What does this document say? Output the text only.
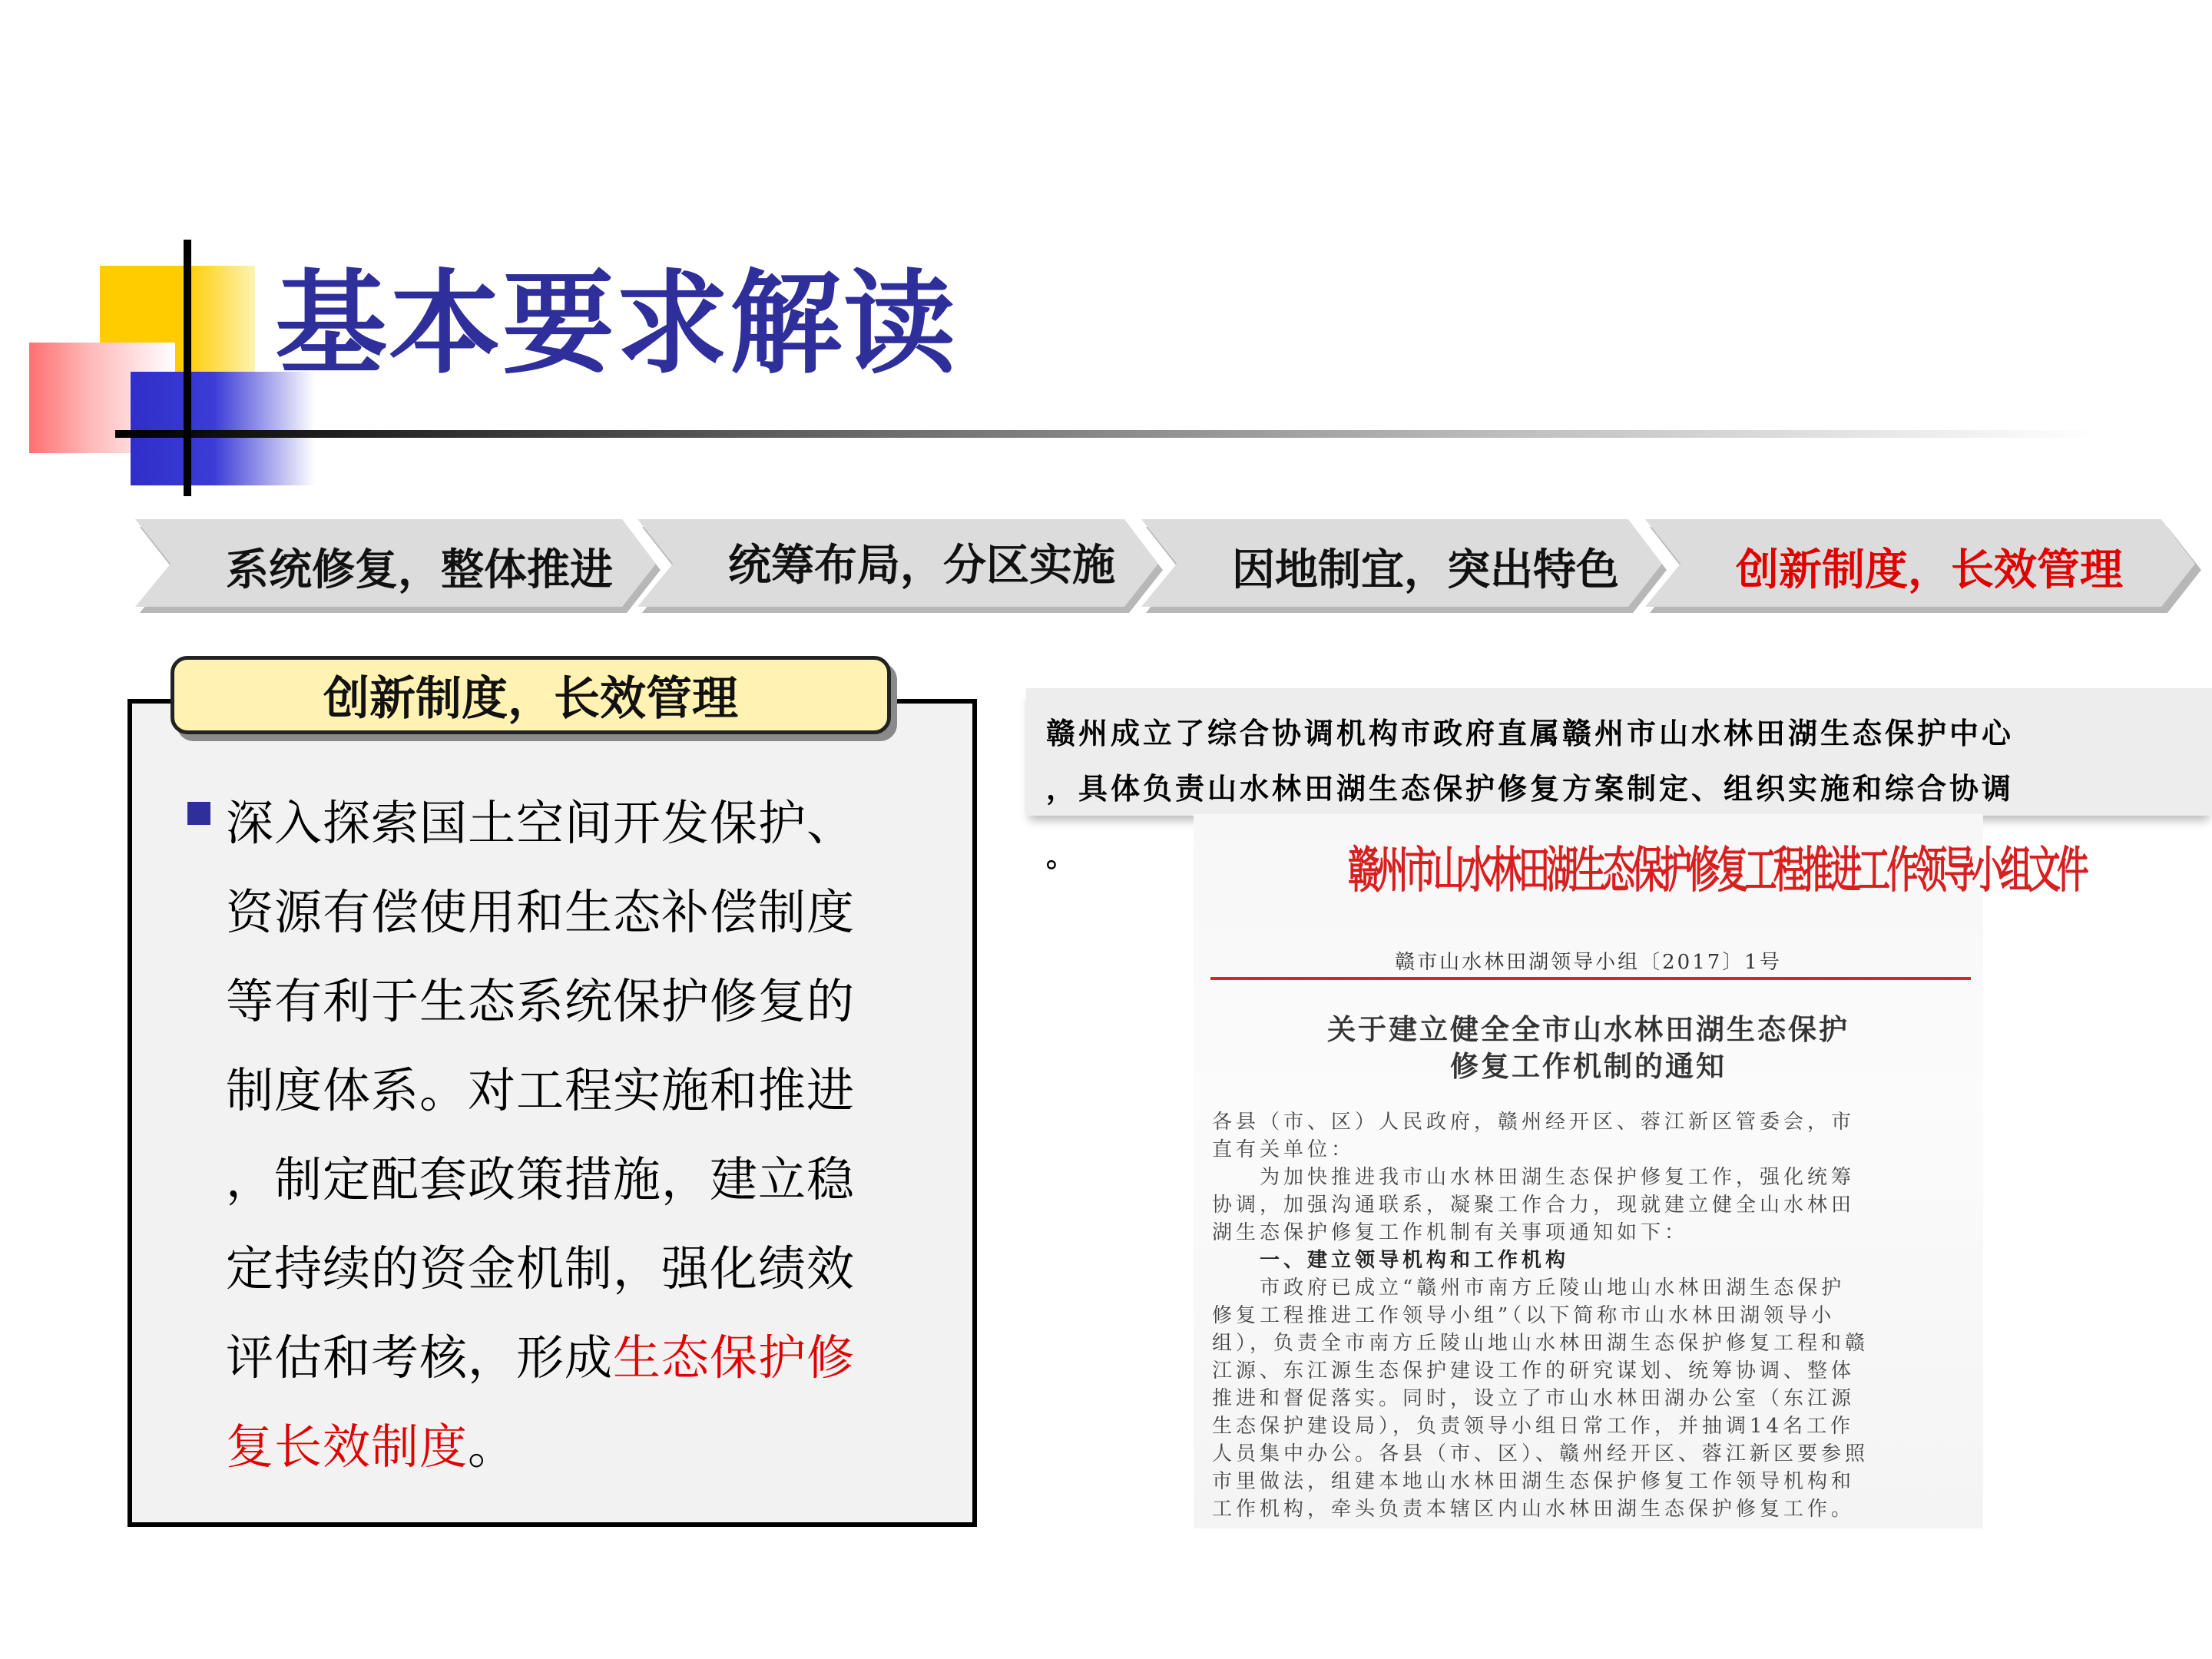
基本要求解读
系统修复，整体推进	统筹布局，分区实施	因地制宜，突出特色	创新制度，长效管理
创新制度，长效管理
深入探索国土空间开发保护、
资源有偿使用和生态补偿制度
等有利于生态系统保护修复的
制度体系。对工程实施和推进
，制定配套政策措施，建立稳
定持续的资金机制，强化绩效
评估和考核，形成生态保护修
复长效制度。
赣州成立了综合协调机构市政府直属赣州市山水林田湖生态保护中心
，具体负责山水林田湖生态保护修复方案制定、组织实施和综合协调
。	赣州市山水林田湖生态保护修复工程推进工作领导小组文件
赣市山水林田湖领导小组〔2017〕1号
关于建立健全全市山水林田湖生态保护
修复工作机制的通知
各县（市、区）人民政府，赣州经开区、蓉江新区管委会，市
直有关单位：
　　为加快推进我市山水林田湖生态保护修复工作，强化统筹
协调，加强沟通联系，凝聚工作合力，现就建立健全山水林田
湖生态保护修复工作机制有关事项通知如下：
　　一、建立领导机构和工作机构
　　市政府已成立“赣州市南方丘陵山地山水林田湖生态保护
修复工程推进工作领导小组”（以下简称市山水林田湖领导小
组），负责全市南方丘陵山地山水林田湖生态保护修复工程和赣
江源、东江源生态保护建设工作的研究谋划、统筹协调、整体
推进和督促落实。同时，设立了市山水林田湖办公室（东江源
生态保护建设局），负责领导小组日常工作，并抽调14名工作
人员集中办公。各县（市、区）、赣州经开区、蓉江新区要参照
市里做法，组建本地山水林田湖生态保护修复工作领导机构和
工作机构，牵头负责本辖区内山水林田湖生态保护修复工作。
